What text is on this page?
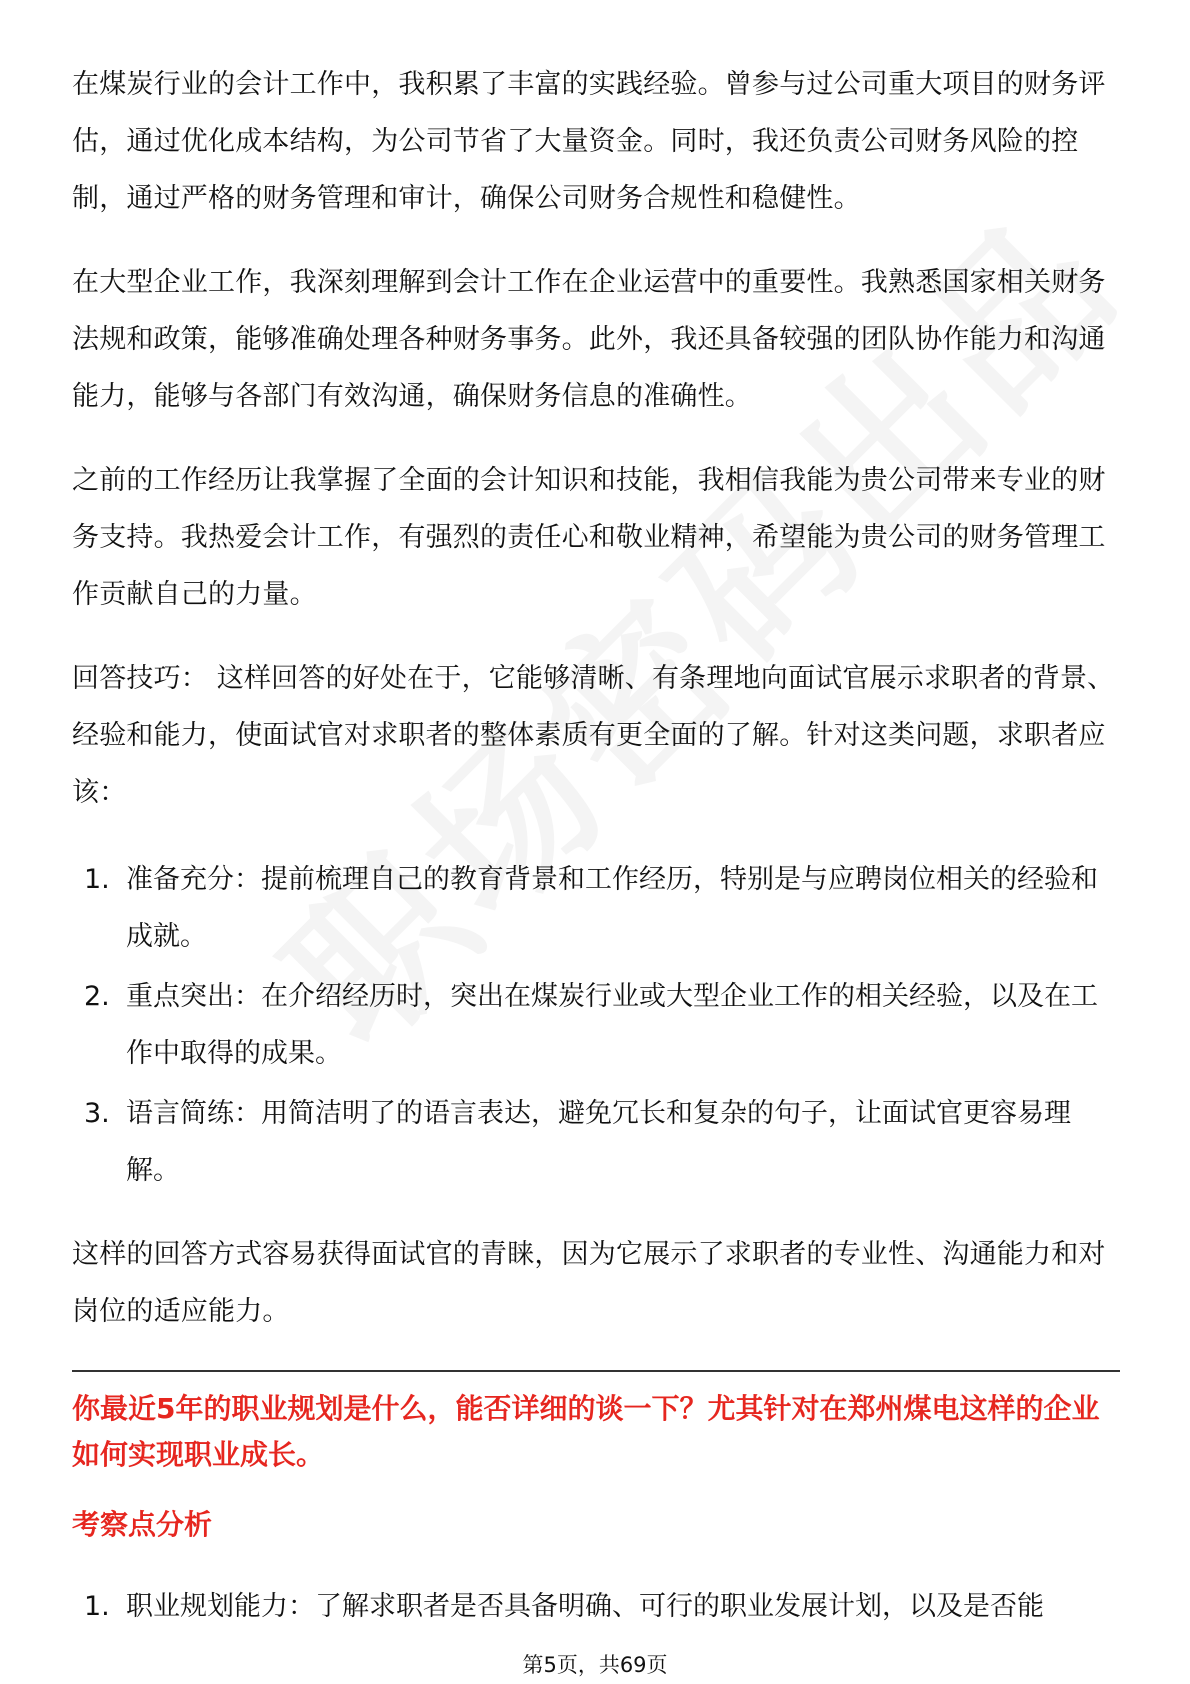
在煤炭行业的会计工作中，我积累了丰富的实践经验。曾参与过公司重大项目的财务评估，通过优化成本结构，为公司节省了大量资金。同时，我还负责公司财务风险的控制，通过严格的财务管理和审计，确保公司财务合规性和稳健性。

在大型企业工作，我深刻理解到会计工作在企业运营中的重要性。我熟悉国家相关财务法规和政策，能够准确处理各种财务事务。此外，我还具备较强的团队协作能力和沟通能力，能够与各部门有效沟通，确保财务信息的准确性。

之前的工作经历让我掌握了全面的会计知识和技能，我相信我能为贵公司带来专业的财务支持。我热爱会计工作，有强烈的责任心和敬业精神，希望能为贵公司的财务管理工作贡献自己的力量。

回答技巧： 这样回答的好处在于，它能够清晰、有条理地向面试官展示求职者的背景、经验和能力，使面试官对求职者的整体素质有更全面的了解。针对这类问题，求职者应该：

1. 准备充分：提前梳理自己的教育背景和工作经历，特别是与应聘岗位相关的经验和成就。
2. 重点突出：在介绍经历时，突出在煤炭行业或大型企业工作的相关经验，以及在工作中取得的成果。
3. 语言简练：用简洁明了的语言表达，避免冗长和复杂的句子，让面试官更容易理解。

这样的回答方式容易获得面试官的青睐，因为它展示了求职者的专业性、沟通能力和对岗位的适应能力。

你最近5年的职业规划是什么，能否详细的谈一下？尤其针对在郑州煤电这样的企业如何实现职业成长。
考察点分析
1. 职业规划能力：了解求职者是否具备明确、可行的职业发展计划，以及是否能
第5页，共69页
